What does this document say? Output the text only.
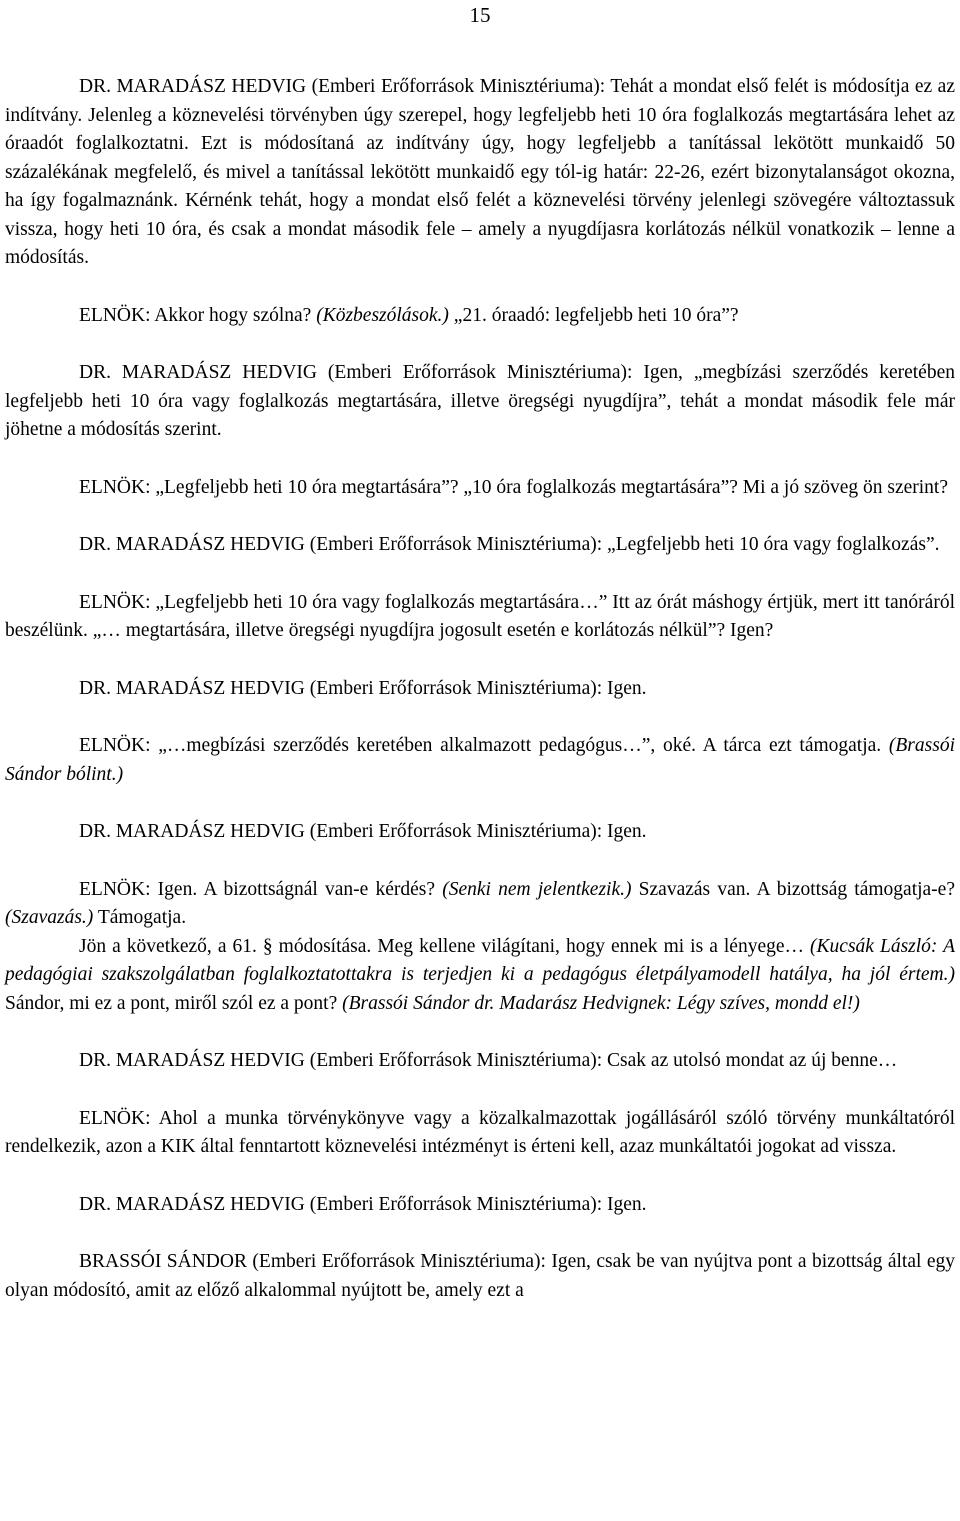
15

DR. MARADÁSZ HEDVIG (Emberi Erőforrások Minisztériuma): Tehát a mondat első felét is módosítja ez az indítvány. Jelenleg a köznevelési törvényben úgy szerepel, hogy legfeljebb heti 10 óra foglalkozás megtartására lehet az óraadót foglalkoztatni. Ezt is módosítaná az indítvány úgy, hogy legfeljebb a tanítással lekötött munkaidő 50 százalékának megfelelő, és mivel a tanítással lekötött munkaidő egy tól-ig határ: 22-26, ezért bizonytalanságot okozna, ha így fogalmaznánk. Kérnénk tehát, hogy a mondat első felét a köznevelési törvény jelenlegi szövegére változtassuk vissza, hogy heti 10 óra, és csak a mondat második fele – amely a nyugdíjasra korlátozás nélkül vonatkozik – lenne a módosítás.

ELNÖK: Akkor hogy szólna? (Közbeszólások.) „21. óraadó: legfeljebb heti 10 óra”?

DR. MARADÁSZ HEDVIG (Emberi Erőforrások Minisztériuma): Igen, „megbízási szerződés keretében legfeljebb heti 10 óra vagy foglalkozás megtartására, illetve öregségi nyugdíjra”, tehát a mondat második fele már jöhetne a módosítás szerint.

ELNÖK: „Legfeljebb heti 10 óra megtartására”? „10 óra foglalkozás megtartására”? Mi a jó szöveg ön szerint?

DR. MARADÁSZ HEDVIG (Emberi Erőforrások Minisztériuma): „Legfeljebb heti 10 óra vagy foglalkozás”.

ELNÖK: „Legfeljebb heti 10 óra vagy foglalkozás megtartására…” Itt az órát máshogy értjük, mert itt tanóráról beszélünk. „… megtartására, illetve öregségi nyugdíjra jogosult esetén e korlátozás nélkül”? Igen?

DR. MARADÁSZ HEDVIG (Emberi Erőforrások Minisztériuma): Igen.

ELNÖK: „…megbízási szerződés keretében alkalmazott pedagógus…”, oké. A tárca ezt támogatja. (Brassói Sándor bólint.)

DR. MARADÁSZ HEDVIG (Emberi Erőforrások Minisztériuma): Igen.

ELNÖK: Igen. A bizottságnál van-e kérdés? (Senki nem jelentkezik.) Szavazás van. A bizottság támogatja-e? (Szavazás.) Támogatja.

Jön a következő, a 61. § módosítása. Meg kellene világítani, hogy ennek mi is a lényege… (Kucsák László: A pedagógiai szakszolgálatban foglalkoztatottakra is terjedjen ki a pedagógus életpályamodell hatálya, ha jól értem.) Sándor, mi ez a pont, miről szól ez a pont? (Brassói Sándor dr. Madarász Hedvignek: Légy szíves, mondd el!)

DR. MARADÁSZ HEDVIG (Emberi Erőforrások Minisztériuma): Csak az utolsó mondat az új benne…

ELNÖK: Ahol a munka törvénykönyve vagy a közalkalmazottak jogállásáról szóló törvény munkáltatóról rendelkezik, azon a KIK által fenntartott köznevelési intézményt is érteni kell, azaz munkáltatói jogokat ad vissza.

DR. MARADÁSZ HEDVIG (Emberi Erőforrások Minisztériuma): Igen.

BRASSÓI SÁNDOR (Emberi Erőforrások Minisztériuma): Igen, csak be van nyújtva pont a bizottság által egy olyan módosító, amit az előző alkalommal nyújtott be, amely ezt a
